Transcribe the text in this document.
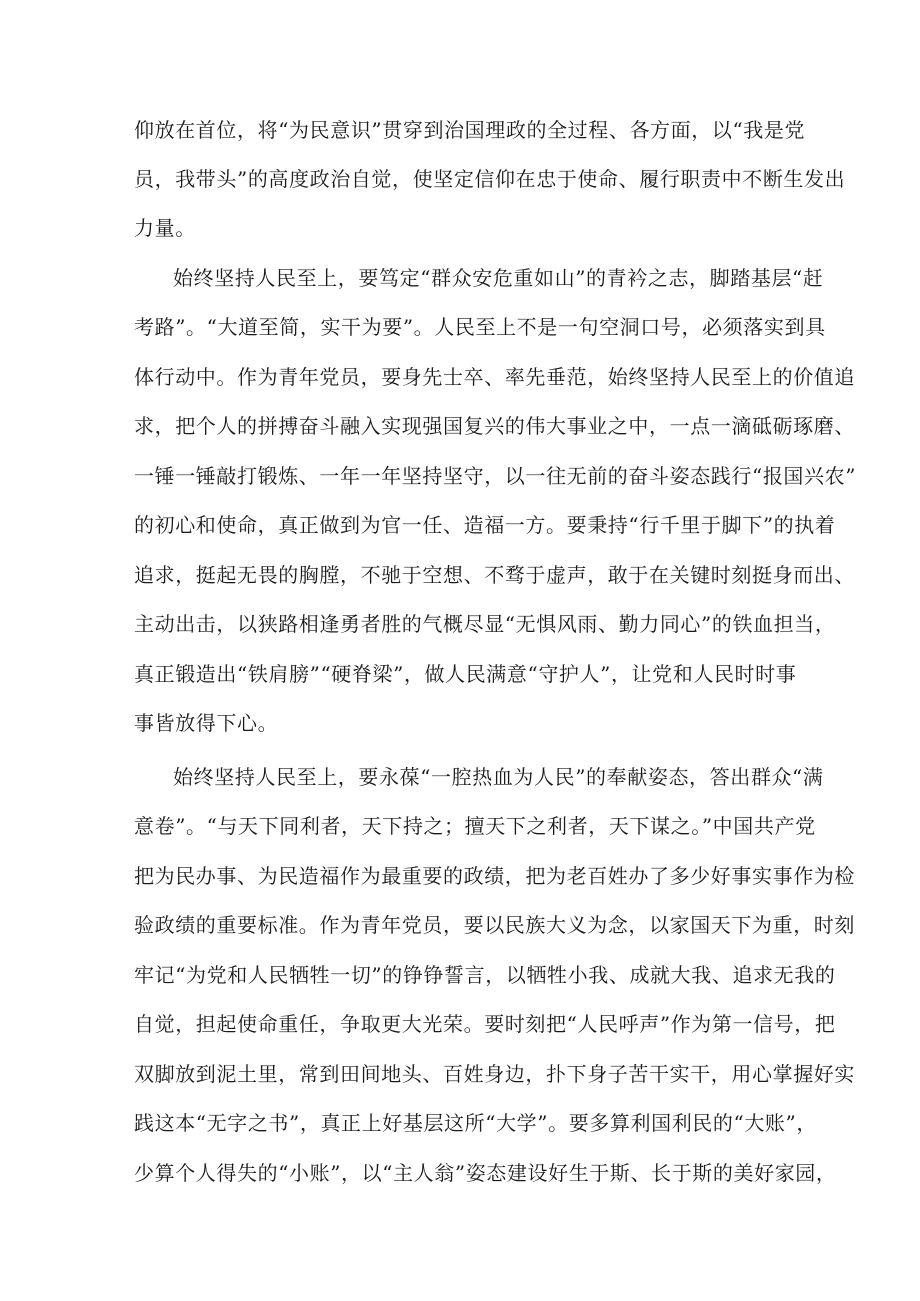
仰放在首位，将“为民意识”贯穿到治国理政的全过程、各方面，以“我是党
员，我带头”的高度政治自觉，使坚定信仰在忠于使命、履行职责中不断生发出
力量。
始终坚持人民至上，要笃定“群众安危重如山”的青衿之志，脚踏基层“赶
考路”。“大道至简，实干为要”。人民至上不是一句空洞口号，必须落实到具
体行动中。作为青年党员，要身先士卒、率先垂范，始终坚持人民至上的价值追
求，把个人的拼搏奋斗融入实现强国复兴的伟大事业之中，一点一滴砥砺琢磨、
一锤一锤敲打锻炼、一年一年坚持坚守，以一往无前的奋斗姿态践行“报国兴农”
的初心和使命，真正做到为官一任、造福一方。要秉持“行千里于脚下”的执着
追求，挺起无畏的胸膛，不驰于空想、不骛于虚声，敢于在关键时刻挺身而出、
主动出击，以狭路相逢勇者胜的气概尽显“无惧风雨、勤力同心”的铁血担当，
真正锻造出“铁肩膀”“硬脊梁”，做人民满意“守护人”，让党和人民时时事
事皆放得下心。
始终坚持人民至上，要永葆“一腔热血为人民”的奉献姿态，答出群众“满
意卷”。“与天下同利者，天下持之；擅天下之利者，天下谋之。”中国共产党
把为民办事、为民造福作为最重要的政绩，把为老百姓办了多少好事实事作为检
验政绩的重要标准。作为青年党员，要以民族大义为念，以家国天下为重，时刻
牢记“为党和人民牺牲一切”的铮铮誓言，以牺牲小我、成就大我、追求无我的
自觉，担起使命重任，争取更大光荣。要时刻把“人民呼声”作为第一信号，把
双脚放到泥土里，常到田间地头、百姓身边，扑下身子苦干实干，用心掌握好实
践这本“无字之书”，真正上好基层这所“大学”。要多算利国利民的“大账”，
少算个人得失的“小账”，以“主人翁”姿态建设好生于斯、长于斯的美好家园，
